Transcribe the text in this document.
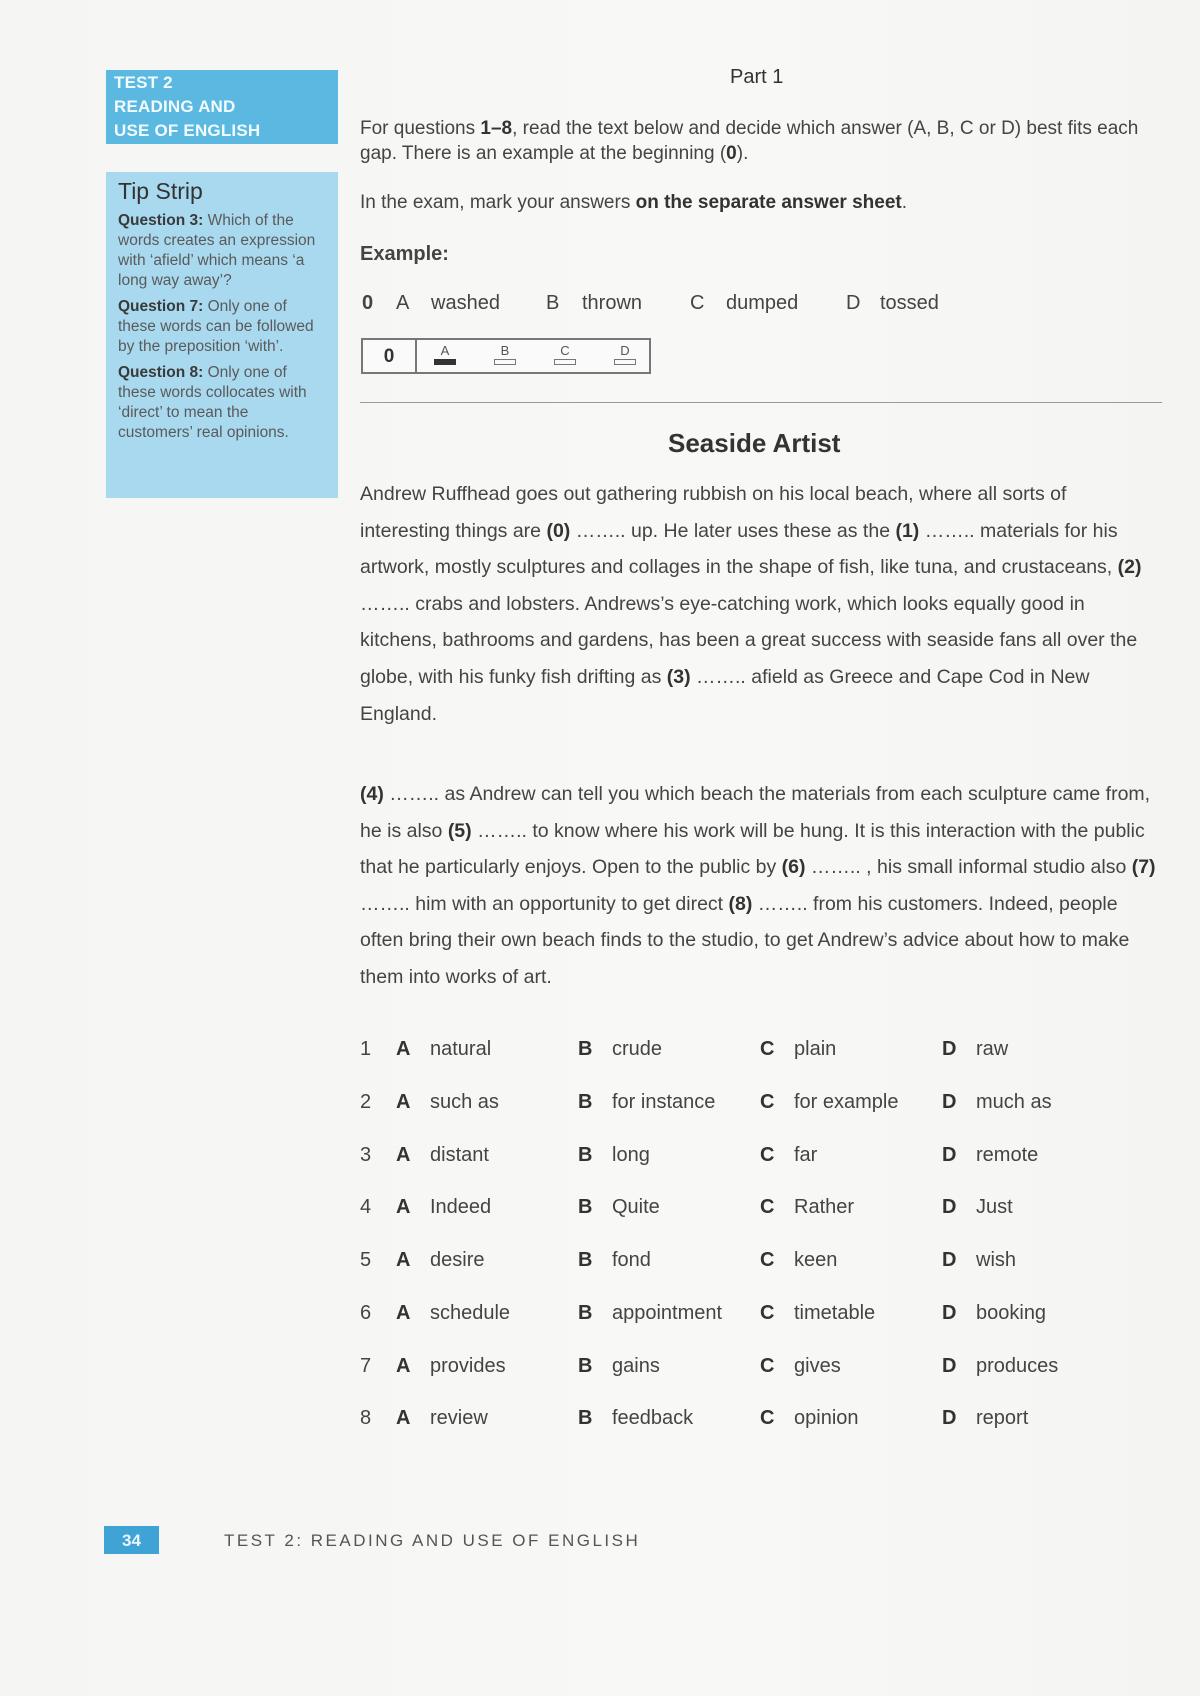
TEST 2
READING AND
USE OF ENGLISH
Tip Strip
Question 3: Which of the words creates an expression with ‘afield’ which means ‘a long way away’?
Question 7: Only one of these words can be followed by the preposition ‘with’.
Question 8: Only one of these words collocates with ‘direct’ to mean the customers’ real opinions.
Part 1
For questions 1–8, read the text below and decide which answer (A, B, C or D) best fits each gap. There is an example at the beginning (0).
In the exam, mark your answers on the separate answer sheet.
Example:
0 A washed B thrown C dumped D tossed
0	A	B	C	D
Seaside Artist
Andrew Ruffhead goes out gathering rubbish on his local beach, where all sorts of interesting things are (0) …….. up. He later uses these as the (1) …….. materials for his artwork, mostly sculptures and collages in the shape of fish, like tuna, and crustaceans, (2) …….. crabs and lobsters. Andrews’s eye-catching work, which looks equally good in kitchens, bathrooms and gardens, has been a great success with seaside fans all over the globe, with his funky fish drifting as (3) …….. afield as Greece and Cape Cod in New England.
(4) …….. as Andrew can tell you which beach the materials from each sculpture came from, he is also (5) …….. to know where his work will be hung. It is this interaction with the public that he particularly enjoys. Open to the public by (6) …….. , his small informal studio also (7) …….. him with an opportunity to get direct (8) …….. from his customers. Indeed, people often bring their own beach finds to the studio, to get Andrew’s advice about how to make them into works of art.
1 A natural	B crude	C plain	D raw
2 A such as	B for instance C for example D much as
3 A distant	B long	C far	D remote
4 A Indeed	B Quite	C Rather	D Just
5 A desire	B fond	C keen	D wish
6 A schedule	B appointment C timetable	D booking
7 A provides	B gains	C gives	D produces
8 A review	B feedback	C opinion	D report
34	TEST 2: READING AND USE OF ENGLISH
